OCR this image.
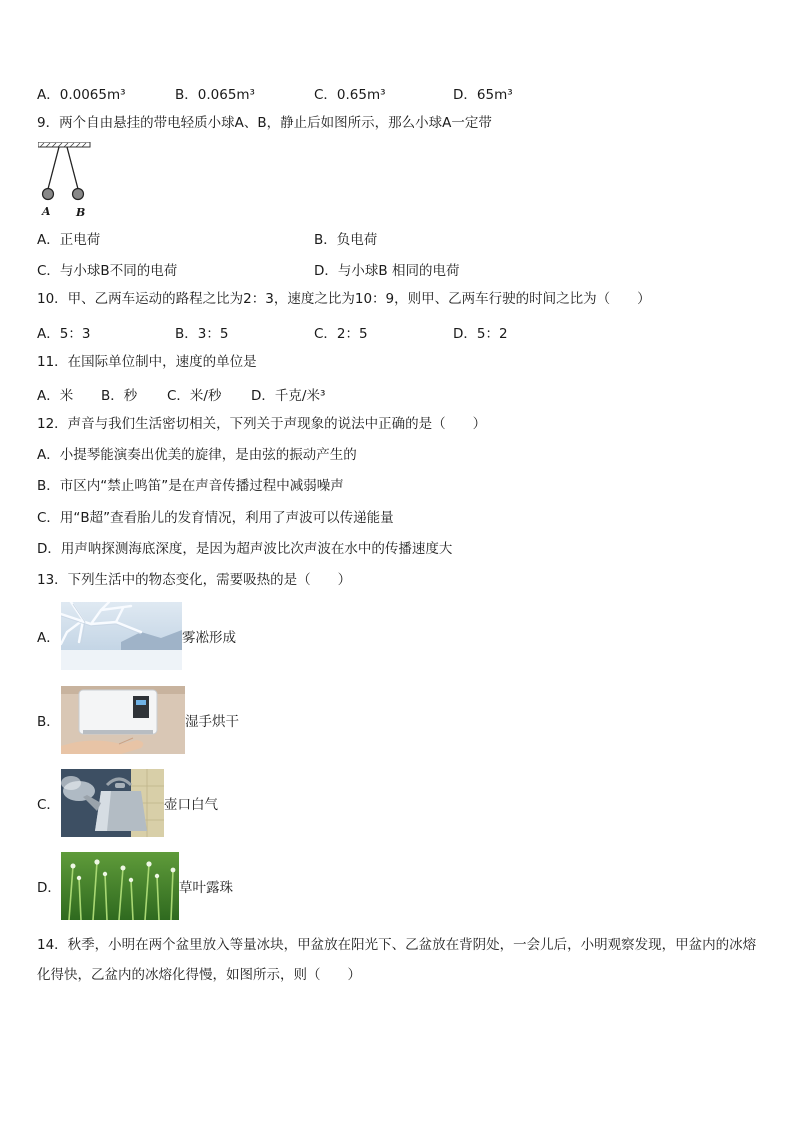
A．0.0065m³	B．0.065m³	C．0.65m³	D．65m³
9．两个自由悬挂的带电轻质小球A、B，静止后如图所示，那么小球A一定带
A B
A．正电荷	B．负电荷
C．与小球B不同的电荷	D．与小球B 相同的电荷
10．甲、乙两车运动的路程之比为2：3，速度之比为10：9，则甲、乙两车行驶的时间之比为（　　）
A．5：3	B．3：5	C．2：5	D．5：2
11．在国际单位制中，速度的单位是
A．米 B．秒 C．米/秒 D．千克/米³
12．声音与我们生活密切相关，下列关于声现象的说法中正确的是（　　）
A．小提琴能演奏出优美的旋律，是由弦的振动产生的
B．市区内“禁止鸣笛”是在声音传播过程中减弱噪声
C．用“B超”查看胎儿的发育情况，利用了声波可以传递能量
D．用声呐探测海底深度，是因为超声波比次声波在水中的传播速度大
13．下列生活中的物态变化，需要吸热的是（　　）
A．	雾凇形成
B．	湿手烘干
C．	壶口白气
D．	草叶露珠
14．秋季，小明在两个盆里放入等量冰块，甲盆放在阳光下、乙盆放在背阴处，一会儿后，小明观察发现，甲盆内的冰熔化得快，乙盆内的冰熔化得慢，如图所示，则（　　）
